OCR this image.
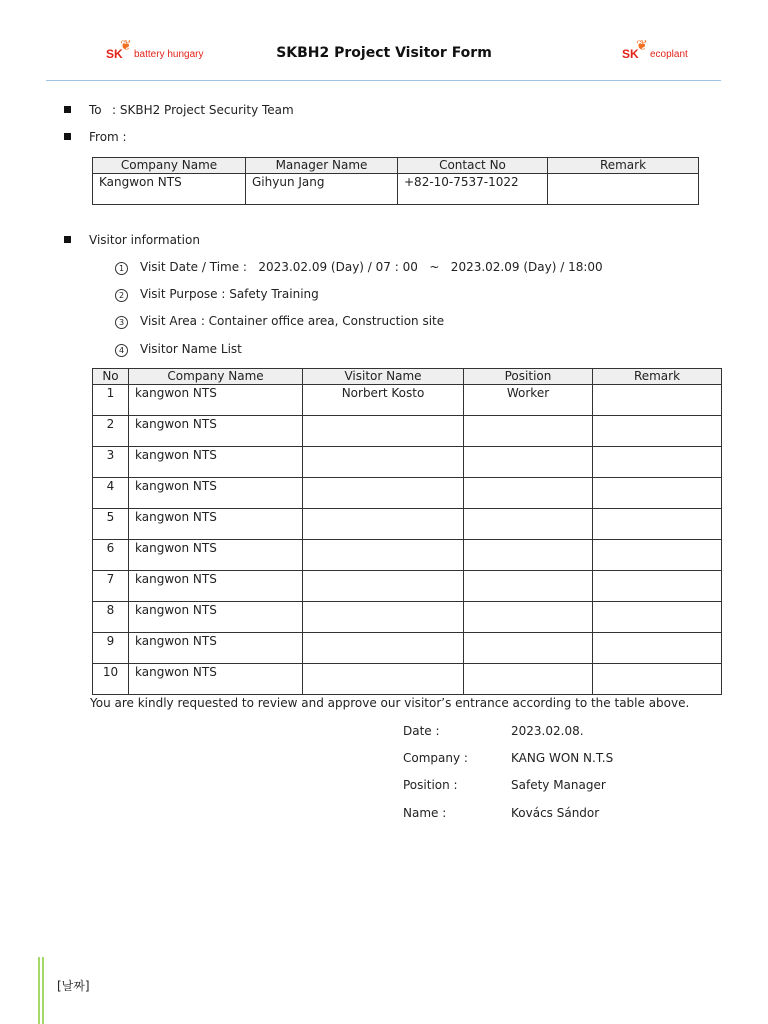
SK
❦ battery hungary	SKBH2 Project Visitor Form	SK
❦ ecoplant
To : SKBH2 Project Security Team
From :
Company Name	Manager Name	Contact No	Remark
Kangwon NTS	Gihyun Jang	+82-10-7537-1022	
Visitor information
1	Visit Date / Time :   2023.02.09 (Day) / 07 : 00   ~   2023.02.09 (Day) / 18:00
2	Visit Purpose : Safety Training
3	Visit Area : Container office area, Construction site
4	Visitor Name List
No	Company Name	Visitor Name	Position	Remark
1	kangwon NTS	Norbert Kosto	Worker	
2	kangwon NTS			
3	kangwon NTS			
4	kangwon NTS			
5	kangwon NTS			
6	kangwon NTS			
7	kangwon NTS			
8	kangwon NTS			
9	kangwon NTS			
10	kangwon NTS			
You are kindly requested to review and approve our visitor’s entrance according to the table above.
Date :	2023.02.08.
Company :	KANG WON N.T.S
Position :	Safety Manager
Name :	Kovács Sándor
[날짜]
